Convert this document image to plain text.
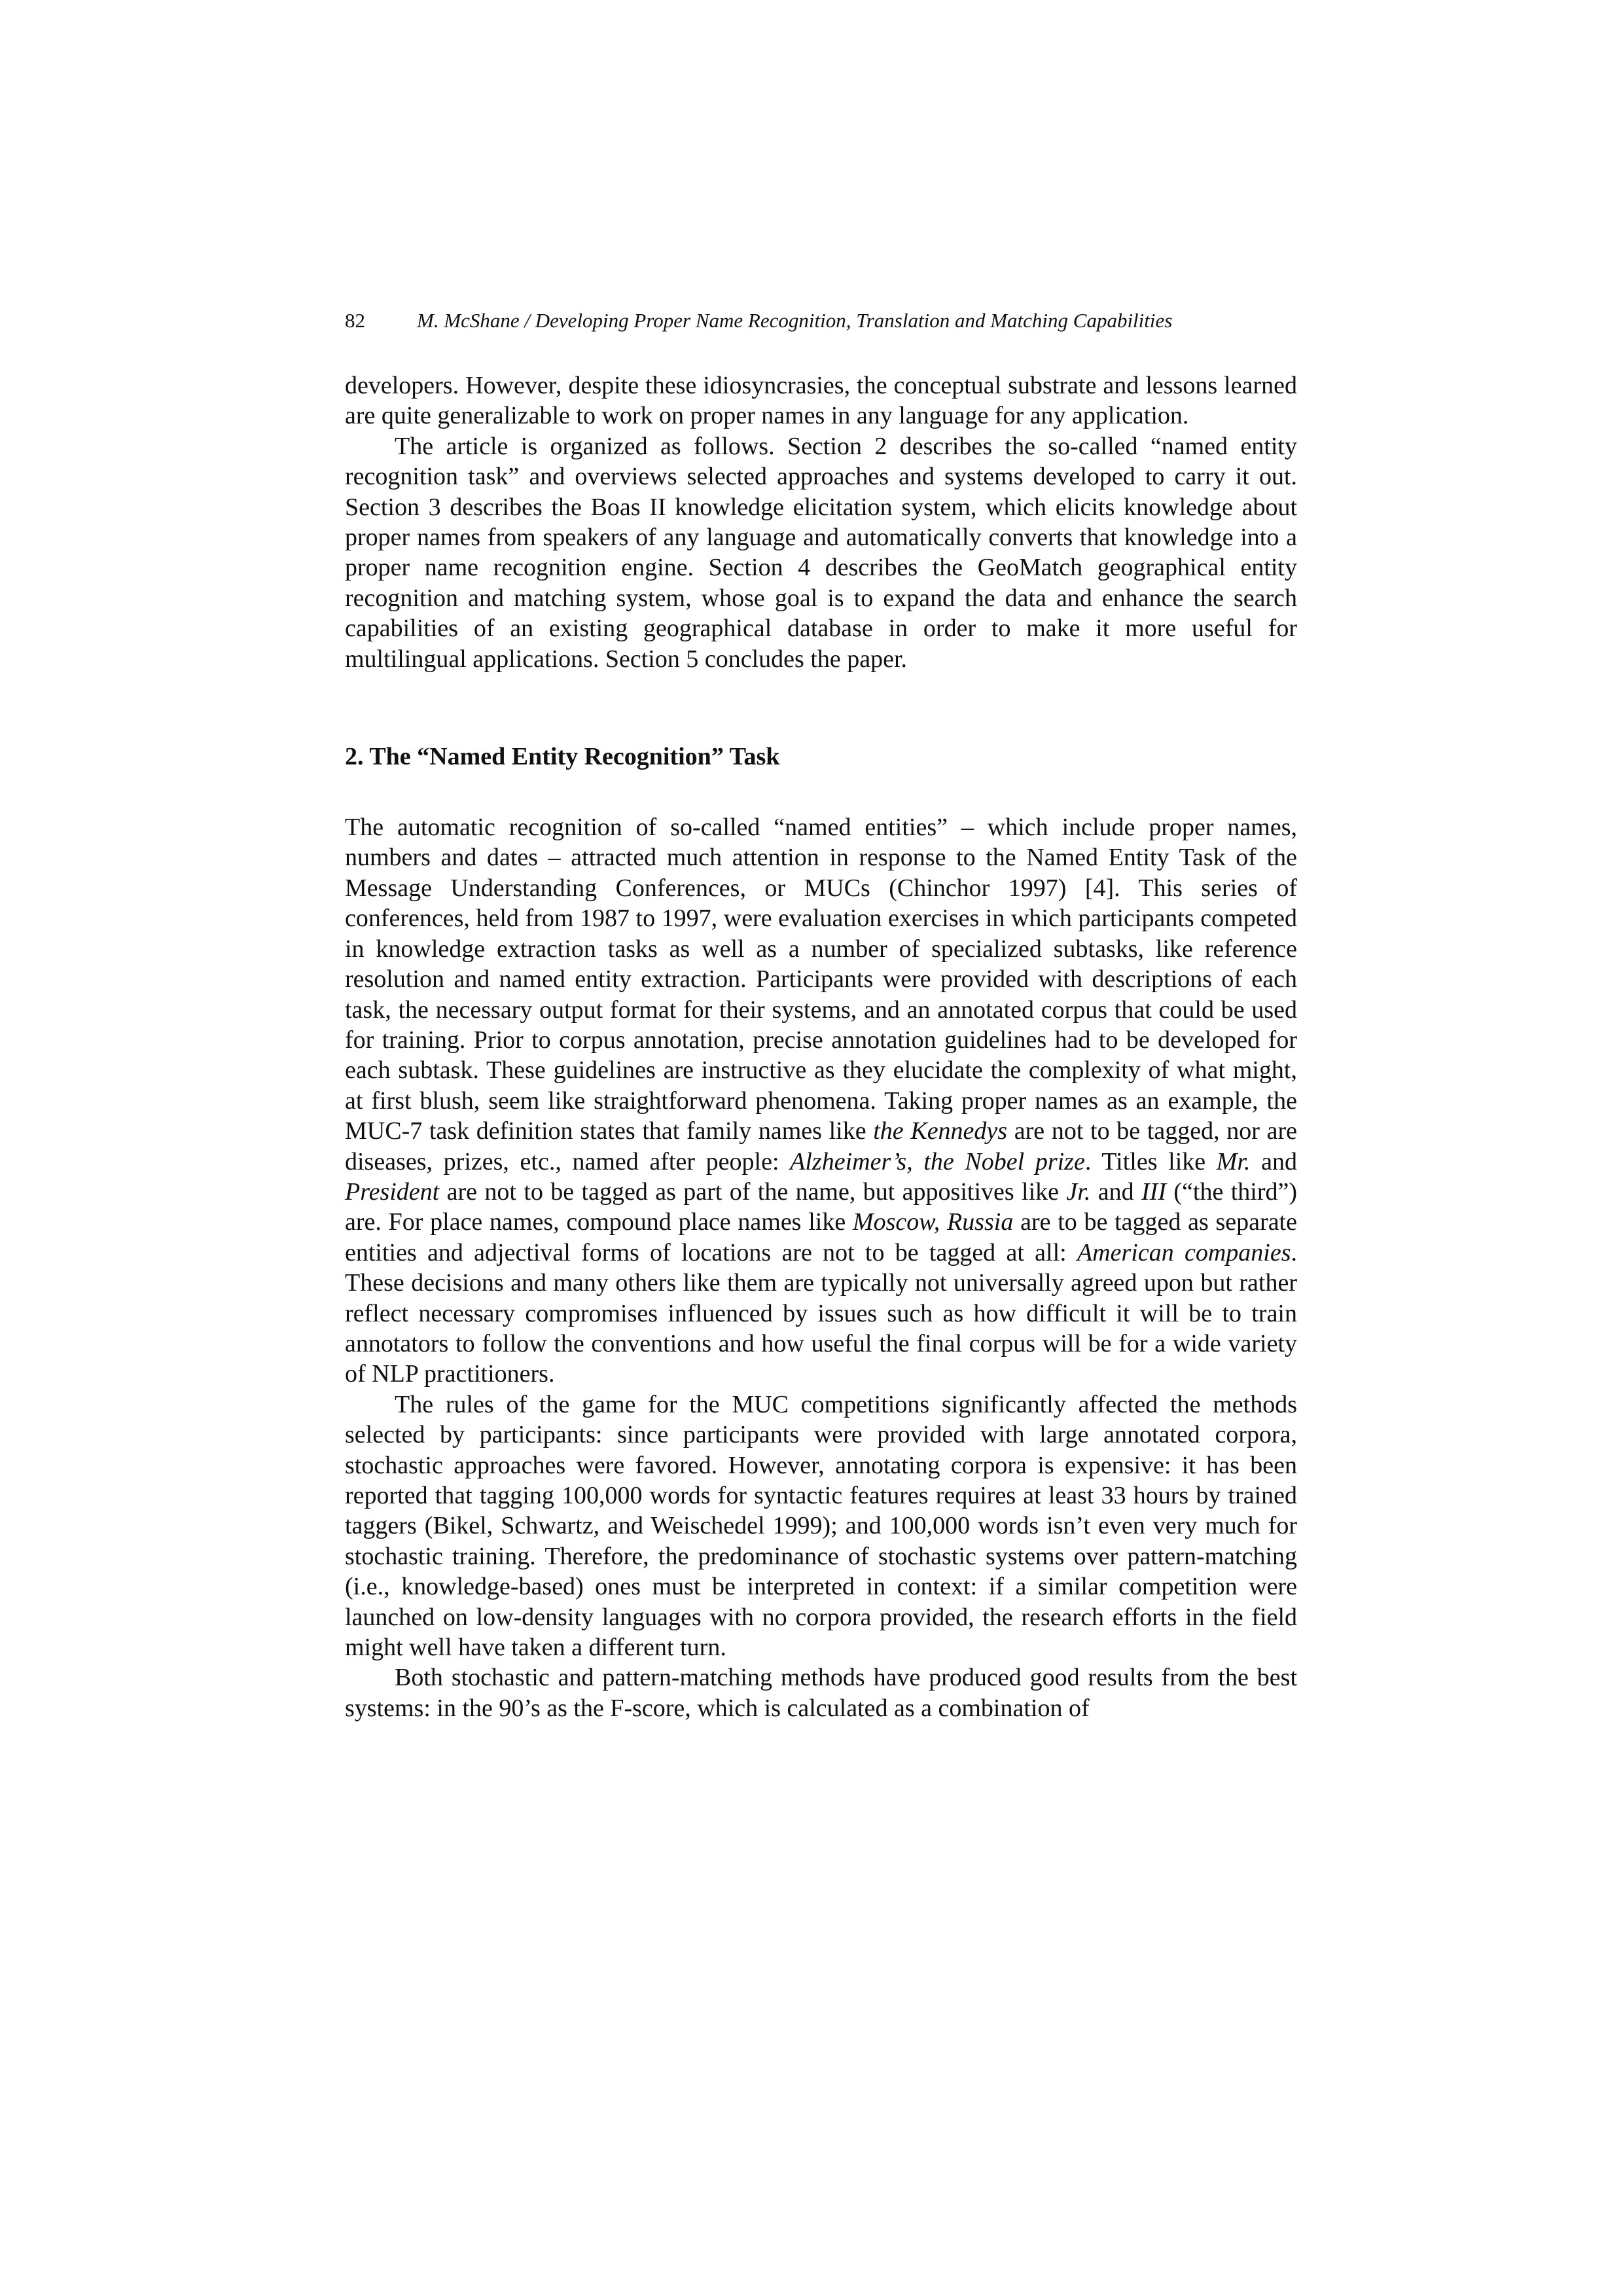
82	M. McShane / Developing Proper Name Recognition, Translation and Matching Capabilities

developers. However, despite these idiosyncrasies, the conceptual substrate and lessons learned are quite generalizable to work on proper names in any language for any application.

The article is organized as follows. Section 2 describes the so-called “named entity recognition task” and overviews selected approaches and systems developed to carry it out. Section 3 describes the Boas II knowledge elicitation system, which elicits knowledge about proper names from speakers of any language and automatically converts that knowledge into a proper name recognition engine. Section 4 describes the GeoMatch geographical entity recognition and matching system, whose goal is to expand the data and enhance the search capabilities of an existing geographical database in order to make it more useful for multilingual applications. Section 5 concludes the paper.

2. The “Named Entity Recognition” Task

The automatic recognition of so-called “named entities” – which include proper names, numbers and dates – attracted much attention in response to the Named Entity Task of the Message Understanding Conferences, or MUCs (Chinchor 1997) [4]. This series of conferences, held from 1987 to 1997, were evaluation exercises in which participants competed in knowledge extraction tasks as well as a number of specialized subtasks, like reference resolution and named entity extraction. Participants were provided with descriptions of each task, the necessary output format for their systems, and an annotated corpus that could be used for training. Prior to corpus annotation, precise annotation guidelines had to be developed for each subtask. These guidelines are instructive as they elucidate the complexity of what might, at first blush, seem like straightforward phenomena. Taking proper names as an example, the MUC-7 task definition states that family names like the Kennedys are not to be tagged, nor are diseases, prizes, etc., named after people: Alzheimer’s, the Nobel prize. Titles like Mr. and President are not to be tagged as part of the name, but appositives like Jr. and III (“the third”) are. For place names, compound place names like Moscow, Russia are to be tagged as separate entities and adjectival forms of locations are not to be tagged at all: American companies. These decisions and many others like them are typically not universally agreed upon but rather reflect necessary compromises influenced by issues such as how difficult it will be to train annotators to follow the conventions and how useful the final corpus will be for a wide variety of NLP practitioners.

The rules of the game for the MUC competitions significantly affected the methods selected by participants: since participants were provided with large annotated corpora, stochastic approaches were favored. However, annotating corpora is expensive: it has been reported that tagging 100,000 words for syntactic features requires at least 33 hours by trained taggers (Bikel, Schwartz, and Weischedel 1999); and 100,000 words isn’t even very much for stochastic training. Therefore, the predominance of stochastic systems over pattern-matching (i.e., knowledge-based) ones must be interpreted in context: if a similar competition were launched on low-density languages with no corpora provided, the research efforts in the field might well have taken a different turn.

Both stochastic and pattern-matching methods have produced good results from the best systems: in the 90’s as the F-score, which is calculated as a combination of
